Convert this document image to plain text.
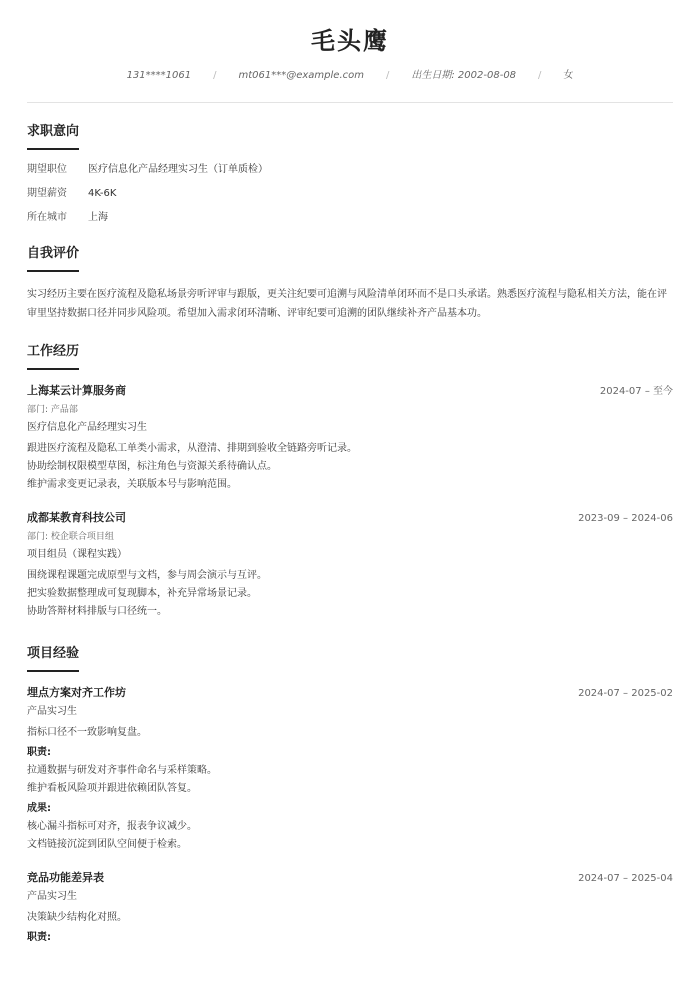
毛头鹰
131****1061 / mt061***@example.com / 出生日期: 2002-08-08 / 女
求职意向
期望职位	医疗信息化产品经理实习生（订单质检）
期望薪资	4K-6K
所在城市	上海
自我评价

实习经历主要在医疗流程及隐私场景旁听评审与跟版，更关注纪要可追溯与风险清单闭环而不是口头承诺。熟悉医疗流程与隐私相关方法，能在评审里坚持数据口径并同步风险项。希望加入需求闭环清晰、评审纪要可追溯的团队继续补齐产品基本功。

工作经历
上海某云计算服务商	2024-07 – 至今
部门: 产品部
医疗信息化产品经理实习生
跟进医疗流程及隐私工单类小需求，从澄清、排期到验收全链路旁听记录。
协助绘制权限模型草图，标注角色与资源关系待确认点。
维护需求变更记录表，关联版本号与影响范围。
成都某教育科技公司	2023-09 – 2024-06
部门: 校企联合项目组
项目组员（课程实践）
围绕课程课题完成原型与文档，参与周会演示与互评。
把实验数据整理成可复现脚本，补充异常场景记录。
协助答辩材料排版与口径统一。
项目经验
埋点方案对齐工作坊	2024-07 – 2025-02
产品实习生
指标口径不一致影响复盘。
职责:
拉通数据与研发对齐事件命名与采样策略。
维护看板风险项并跟进依赖团队答复。
成果:
核心漏斗指标可对齐，报表争议减少。
文档链接沉淀到团队空间便于检索。
竞品功能差异表	2024-07 – 2025-04
产品实习生
决策缺少结构化对照。
职责:
